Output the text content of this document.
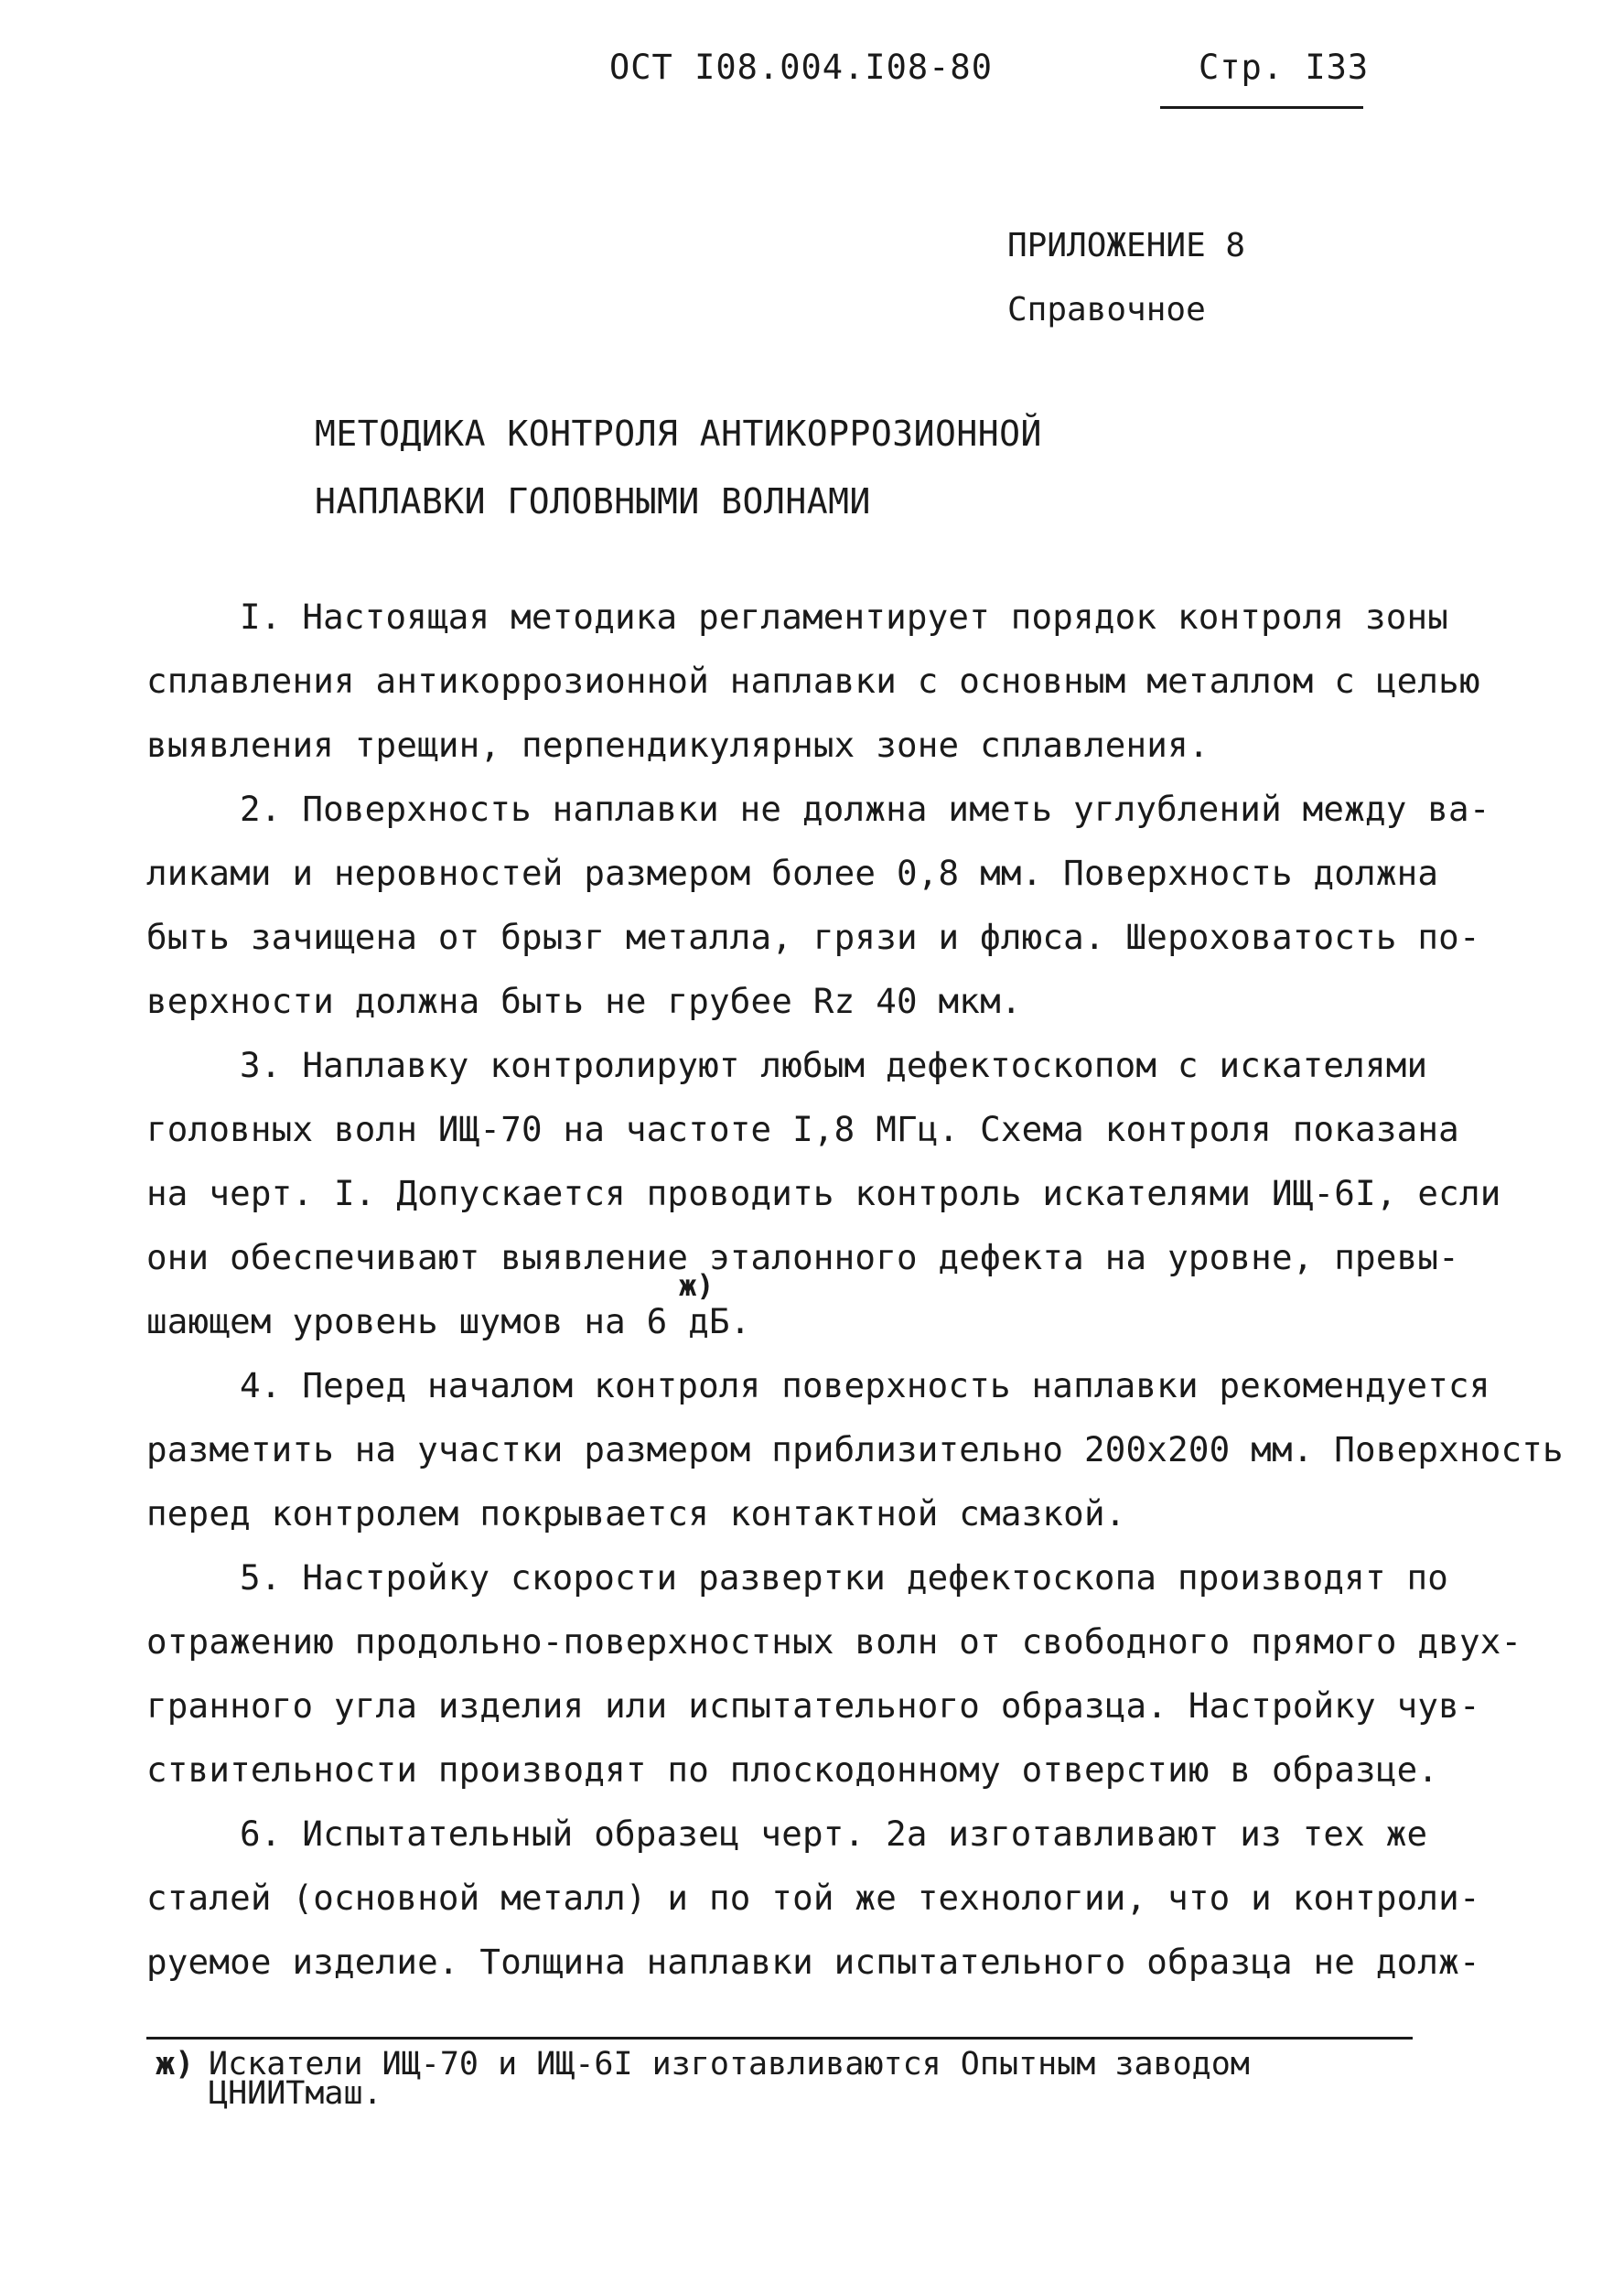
ОСТ I08.004.I08-80	Стр. I33
ПРИЛОЖЕНИЕ 8
Справочное
МЕТОДИКА КОНТРОЛЯ АНТИКОРРОЗИОННОЙ
НАПЛАВКИ ГОЛОВНЫМИ ВОЛНАМИ
I. Настоящая методика регламентирует порядок контроля зоны
сплавления антикоррозионной наплавки с основным металлом с целью
выявления трещин, перпендикулярных зоне сплавления.
2. Поверхность наплавки не должна иметь углублений между ва-
ликами и неровностей размером более 0,8 мм. Поверхность должна
быть зачищена от брызг металла, грязи и флюса. Шероховатость по-
верхности должна быть не грубее Rz 40 мкм.
3. Наплавку контролируют любым дефектоскопом с искателями
головных волн ИЩ-70 на частоте I,8 МГц. Схема контроля показана
на черт. I. Допускается проводить контроль искателями ИЩ-6I, если
они обеспечивают выявление эталонного дефекта на уровне, превы-
ж)
шающем уровень шумов на 6 дБ.
4. Перед началом контроля поверхность наплавки рекомендуется
разметить на участки размером приблизительно 200х200 мм. Поверхность
перед контролем покрывается контактной смазкой.
5. Настройку скорости развертки дефектоскопа производят по
отражению продольно-поверхностных волн от свободного прямого двух-
гранного угла изделия или испытательного образца. Настройку чув-
ствительности производят по плоскодонному отверстию в образце.
6. Испытательный образец черт. 2а изготавливают из тех же
сталей (основной металл) и по той же технологии, что и контроли-
руемое изделие. Толщина наплавки испытательного образца не долж-
ж) Искатели ИЩ-70 и ИЩ-6I изготавливаются Опытным заводом
ЦНИИТмаш.
